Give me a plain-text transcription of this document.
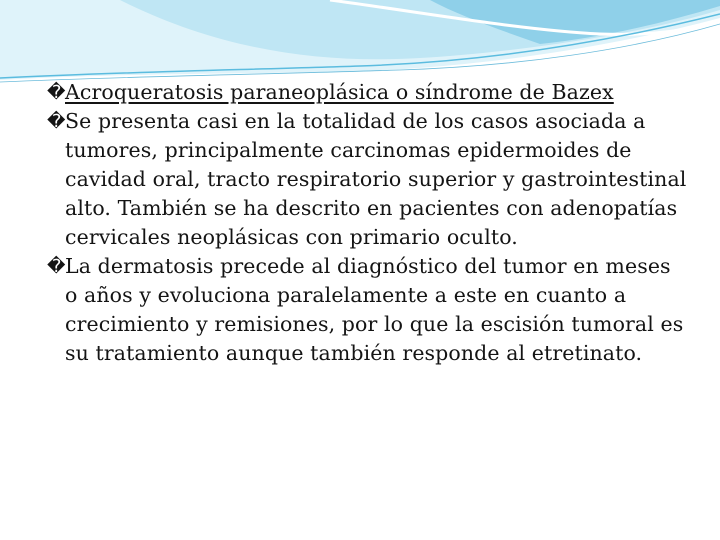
� Acroqueratosis paraneoplásica o síndrome de Bazex
� Se presenta casi en la totalidad de los casos asociada a tumores, principalmente carcinomas epidermoides de cavidad oral, tracto respiratorio superior y gastrointestinal alto. También se ha descrito en pacientes con adenopatías cervicales neoplásicas con primario oculto.
� La dermatosis precede al diagnóstico del tumor en meses o años y evoluciona paralelamente a este en cuanto a crecimiento y remisiones, por lo que la escisión tumoral es su tratamiento aunque también responde al etretinato.
